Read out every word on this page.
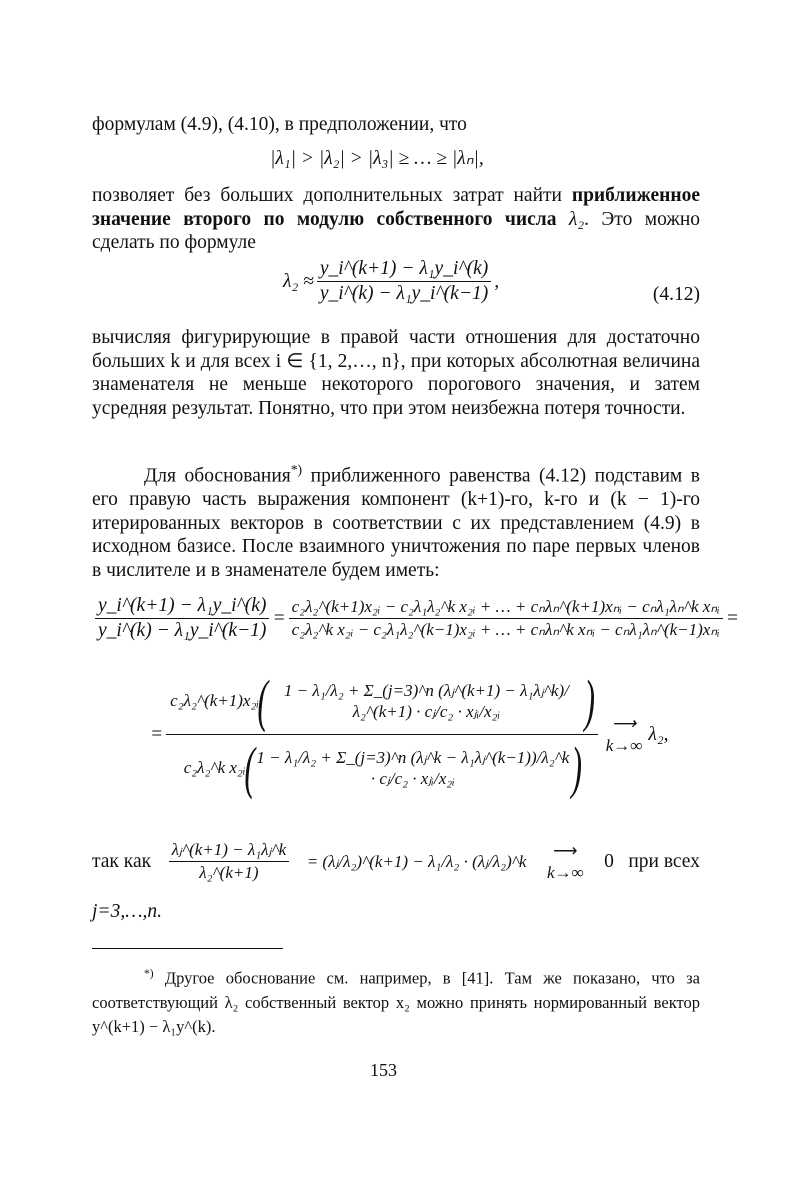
формулам (4.9), (4.10), в предположении, что
|λ₁| > |λ₂| > |λ₃| ≥ … ≥ |λₙ|,
позволяет без больших дополнительных затрат найти приближенное значение второго по модулю собственного числа λ₂. Это можно сделать по формуле
$\lambda_2 \approx \frac{\text{y\_i\textasciicircum{}(k+1) − λ₁y\_i\textasciicircum{}(k)}}{\text{y\_i\textasciicircum{}(k) − λ₁y\_i\textasciicircum{}(k−1)}}$ ,
(4.12)
вычисляя фигурирующие в правой части отношения для достаточно больших k и для всех i ∈ {1, 2,…, n}, при которых абсолютная величина знаменателя не меньше некоторого порогового значения, и затем усредняя результат. Понятно, что при этом неизбежна потеря точности.
Для обоснования*) приближенного равенства (4.12) подставим в его правую часть выражения компонент (k+1)-го, k-го и (k − 1)-го итерированных векторов в соответствии с их представлением (4.9) в исходном базисе. После взаимного уничтожения по паре первых членов в числителе и в знаменателе будем иметь:
$\frac{\text{y\_i\textasciicircum{}(k+1) − λ₁y\_i\textasciicircum{}(k)}}{\text{y\_i\textasciicircum{}(k) − λ₁y\_i\textasciicircum{}(k−1)}}$ =
c₂λ₂^(k+1)x₂ᵢ − c₂λ₁λ₂^k x₂ᵢ + … + cₙλₙ^(k+1)xₙᵢ − cₙλ₁λₙ^k xₙᵢ
c₂λ₂^k x₂ᵢ − c₂λ₁λ₂^(k−1)x₂ᵢ + … + cₙλₙ^k xₙᵢ − cₙλ₁λₙ^(k−1)xₙᵢ
=
=
c₂λ₂^(k+1)x₂ᵢ
( 1 − λ₁/λ₂ + Σ_(j=3)^n (λⱼ^(k+1) − λ₁λⱼ^k)/λ₂^(k+1) · cⱼ/c₂ · xⱼᵢ/x₂ᵢ	)
c₂λ₂^k x₂ᵢ
( 1 − λ₁/λ₂ + Σ_(j=3)^n (λⱼ^k − λ₁λⱼ^(k−1))/λ₂^k · cⱼ/c₂ · xⱼᵢ/x₂ᵢ	)
⟶
k→∞
λ₂,
так как $\frac{\text{λⱼ\textasciicircum{}(k+1) − λ₁λⱼ\textasciicircum{}k}}{\text{λ₂\textasciicircum{}(k+1)}}$ = (λⱼ/λ₂)^(k+1) − λ₁/λ₂ · (λⱼ/λ₂)^k
⟶
k→∞
0 при всех
j=3,…,n.
*) Другое обоснование см. например, в [41]. Там же показано, что за соответствующий λ₂ собственный вектор x₂ можно принять нормированный вектор y^(k+1) − λ₁y^(k).
153
